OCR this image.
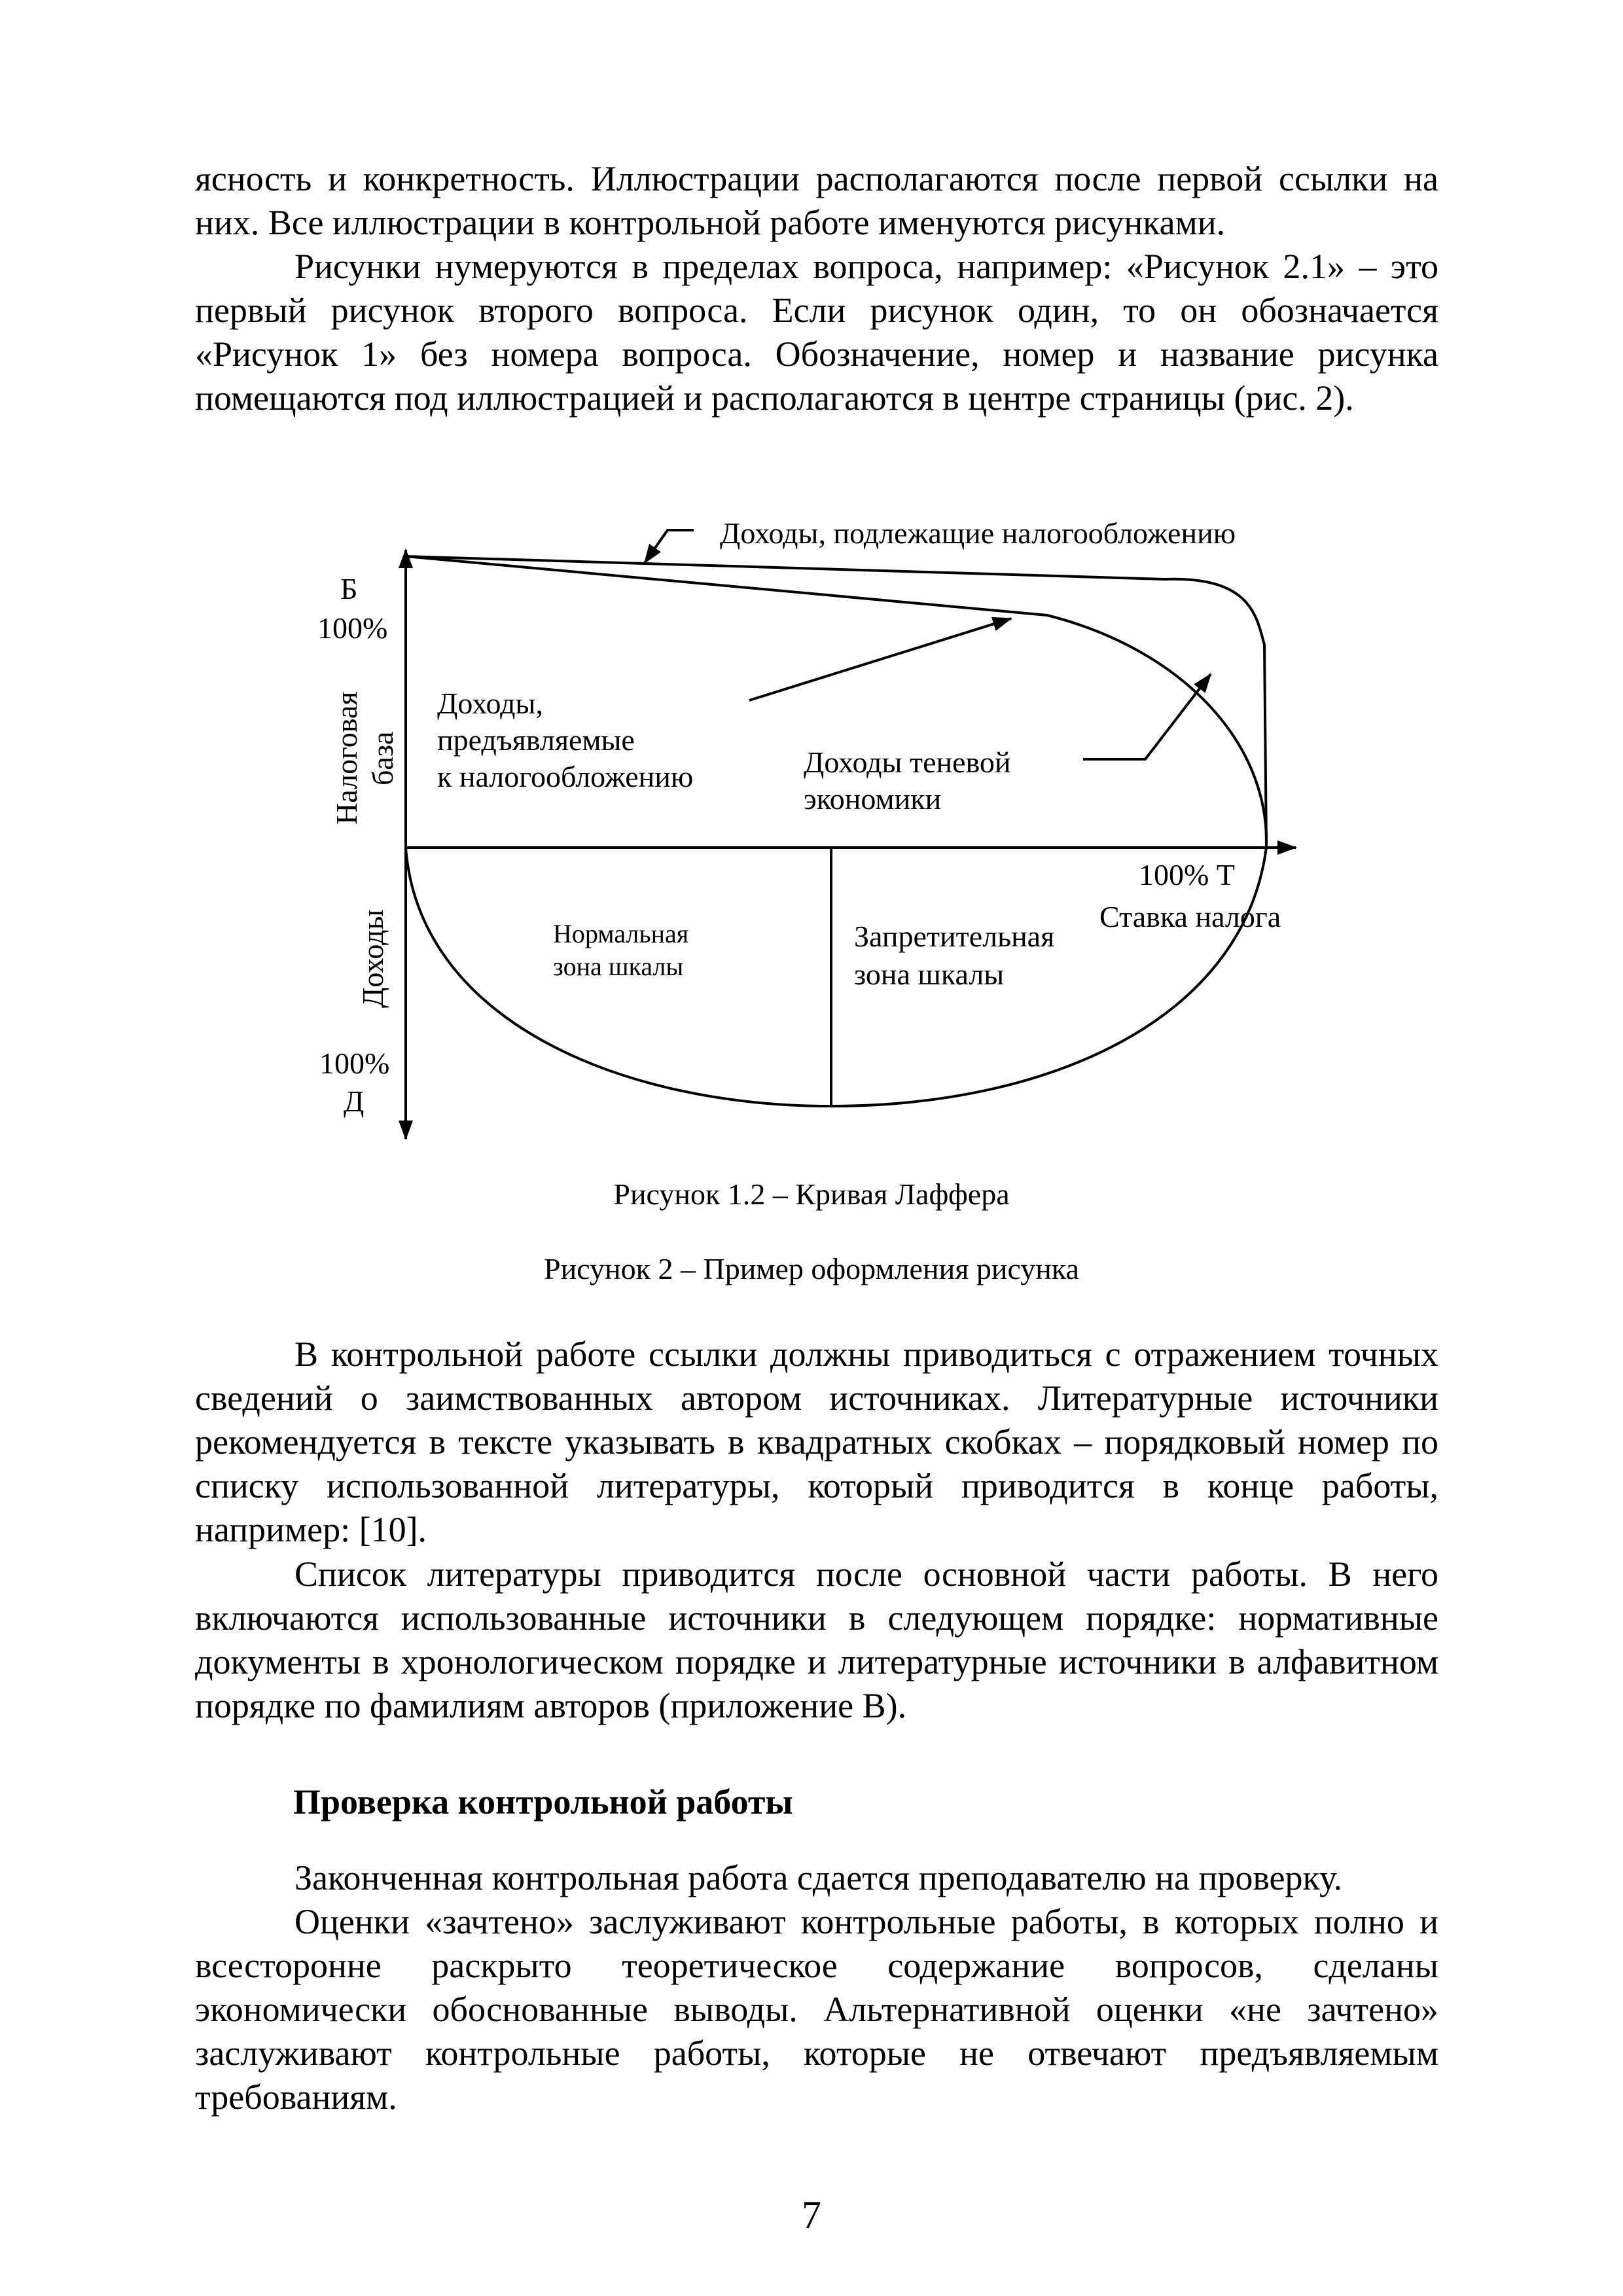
ясность и конкретность. Иллюстрации располагаются после первой ссылки на них. Все иллюстрации в контрольной работе именуются рисунками.

Рисунки нумеруются в пределах вопроса, например: «Рисунок 2.1» – это первый рисунок второго вопроса. Если рисунок один, то он обозначается «Рисунок 1» без номера вопроса. Обозначение, номер и название рисунка помещаются под иллюстрацией и располагаются в центре страницы (рис. 2).

Доходы, подлежащие налогообложению
Б
100%
Налоговая база
Доходы,
предъявляемые
к налогообложению	Доходы теневой
экономики
100% Т
Ставка налога
Доходы	Нормальная
зона шкалы
Запретительная
зона шкалы
100%
Д
Рисунок 1.2 – Кривая Лаффера

Рисунок 2 – Пример оформления рисунка

В контрольной работе ссылки должны приводиться с отражением точных сведений о заимствованных автором источниках. Литературные источники рекомендуется в тексте указывать в квадратных скобках – порядковый номер по списку использованной литературы, который приводится в конце работы, например: [10].

Список литературы приводится после основной части работы. В него включаются использованные источники в следующем порядке: нормативные документы в хронологическом порядке и литературные источники в алфавитном порядке по фамилиям авторов (приложение В).

Проверка контрольной работы

Законченная контрольная работа сдается преподавателю на проверку.

Оценки «зачтено» заслуживают контрольные работы, в которых полно и всесторонне раскрыто теоретическое содержание вопросов, сделаны экономически обоснованные выводы. Альтернативной оценки «не зачтено» заслуживают контрольные работы, которые не отвечают предъявляемым требованиям.

7
